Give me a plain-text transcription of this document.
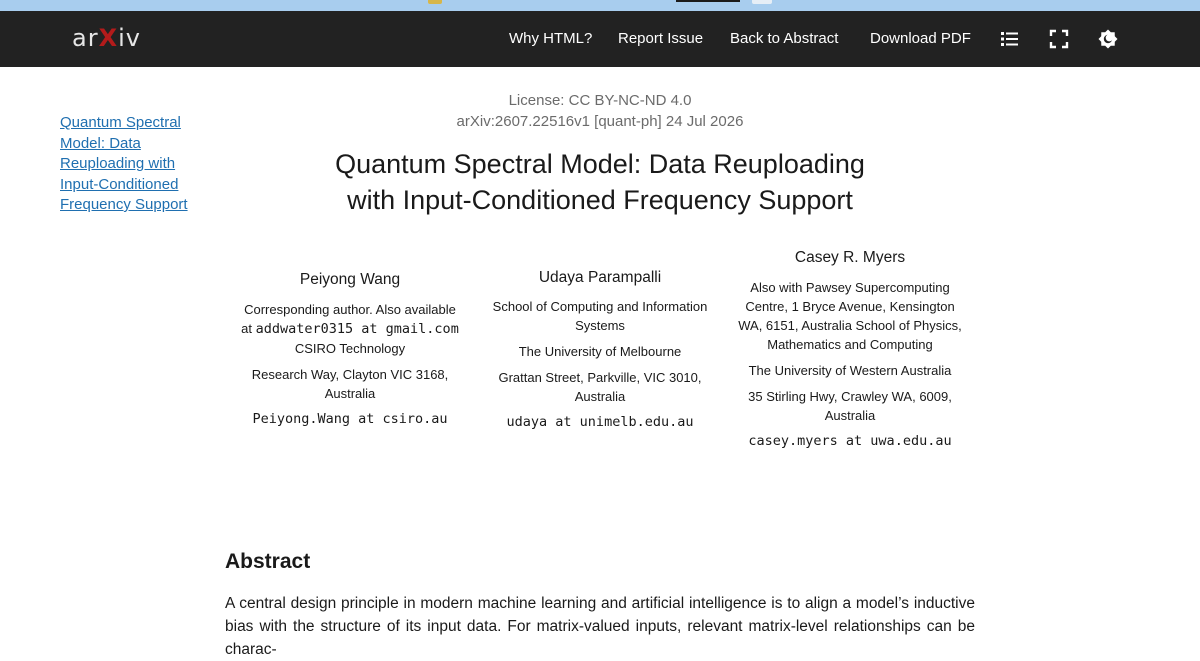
arXiv	Why HTML? Report Issue Back to Abstract Download PDF
Quantum Spectral Model: Data Reuploading with Input-Conditioned Frequency Support
License: CC BY-NC-ND 4.0
arXiv:2607.22516v1 [quant-ph] 24 Jul 2026
Quantum Spectral Model: Data Reuploading
with Input-Conditioned Frequency Support
Peiyong Wang
Corresponding author. Also available at addwater0315 at gmail.com
CSIRO Technology
Research Way, Clayton VIC 3168, Australia
Peiyong.Wang at csiro.au
Udaya Parampalli
School of Computing and Information Systems
The University of Melbourne
Grattan Street, Parkville, VIC 3010, Australia
udaya at unimelb.edu.au
Casey R. Myers
Also with Pawsey Supercomputing Centre, 1 Bryce Avenue, Kensington WA, 6151, Australia School of Physics, Mathematics and Computing
The University of Western Australia
35 Stirling Hwy, Crawley WA, 6009, Australia
casey.myers at uwa.edu.au
Abstract

A central design principle in modern machine learning and artificial intelligence is to align a model’s inductive bias with the structure of its input data. For matrix-valued inputs, relevant matrix-level relationships can be charac-
